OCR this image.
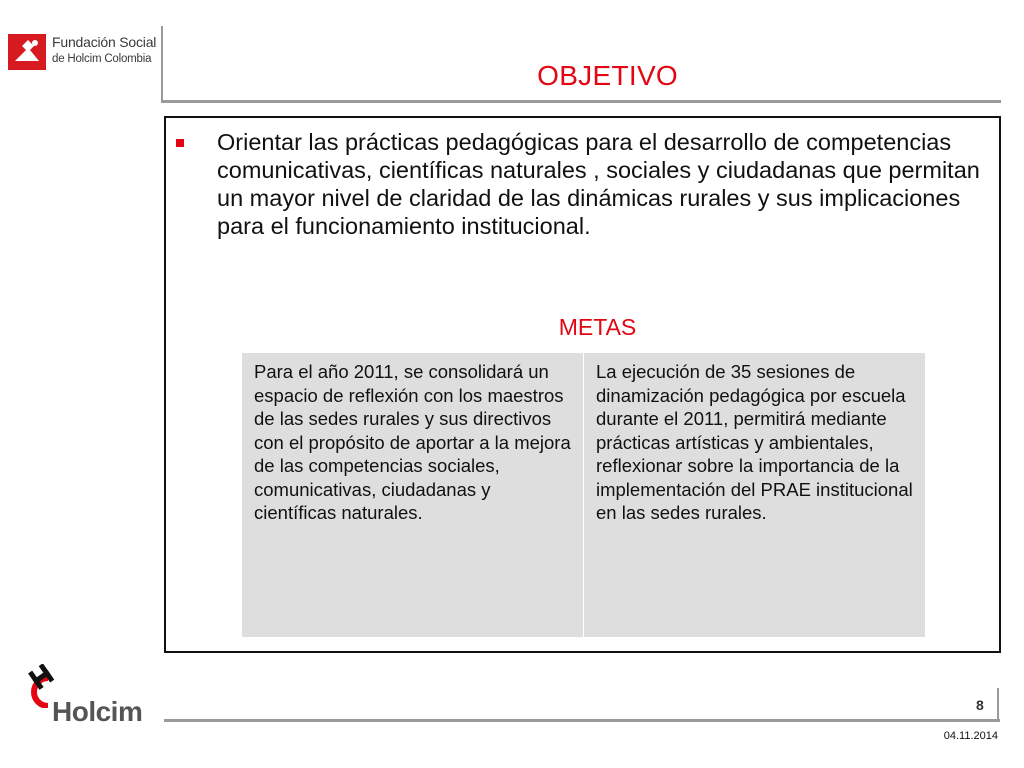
Fundación Social
de Holcim Colombia
OBJETIVO

Orientar las prácticas pedagógicas para el desarrollo de competencias comunicativas, científicas naturales , sociales y ciudadanas que permitan un mayor nivel de claridad de las dinámicas rurales y sus implicaciones para el funcionamiento institucional.

METAS
Para el año 2011, se consolidará un espacio de reflexión con los maestros de las sedes rurales y sus directivos con el propósito de aportar a la mejora de las competencias sociales, comunicativas, ciudadanas y científicas naturales.	La ejecución de 35 sesiones de dinamización pedagógica por escuela durante el 2011, permitirá mediante prácticas artísticas y ambientales, reflexionar sobre la importancia de la implementación del PRAE institucional en las sedes rurales.
Holcim	8
04.11.2014
